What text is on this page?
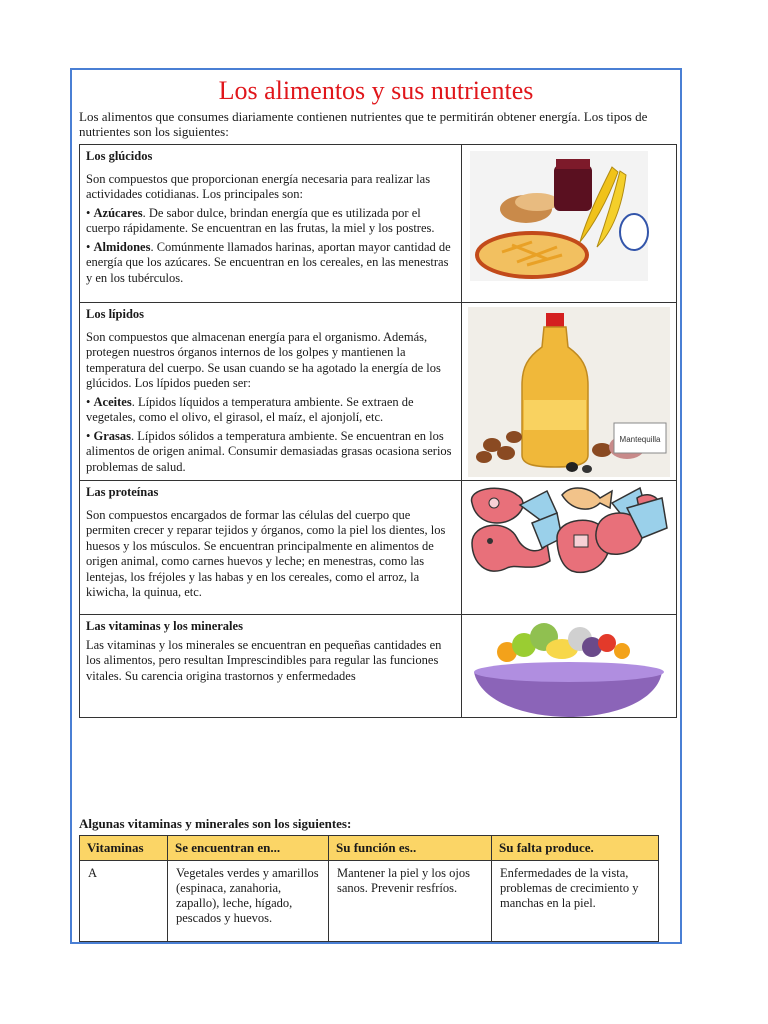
Los alimentos y sus nutrientes
Los alimentos que consumes diariamente contienen nutrientes que te permitirán obtener energía. Los tipos de nutrientes son los siguientes:
Los glúcidos
Son compuestos que proporcionan energía necesaria para realizar las actividades cotidianas. Los principales son:
• Azúcares. De sabor dulce, brindan energía que es utilizada por el cuerpo rápidamente. Se encuentran en las frutas, la miel y los postres.
• Almidones. Comúnmente llamados harinas, aportan mayor cantidad de energía que los azúcares. Se encuentran en los cereales, en las menestras y en los tubérculos.

Los lípidos
Son compuestos que almacenan energía para el organismo. Además, protegen nuestros órganos internos de los golpes y mantienen la temperatura del cuerpo. Se usan cuando se ha agotado la energía de los glúcidos. Los lípidos pueden ser:
• Aceites. Lípidos líquidos a temperatura ambiente. Se extraen de vegetales, como el olivo, el girasol, el maíz, el ajonjolí, etc.
• Grasas. Lípidos sólidos a temperatura ambiente. Se encuentran en los alimentos de origen animal. Consumir demasiadas grasas ocasiona serios problemas de salud.	Mantequilla

Las proteínas
Son compuestos encargados de formar las células del cuerpo que permiten crecer y reparar tejidos y órganos, como la piel los dientes, los huesos y los músculos. Se encuentran principalmente en alimentos de origen animal, como carnes huevos y leche; en menestras, como las lentejas, los fréjoles y las habas y en los cereales, como el arroz, la kiwicha, la quinua, etc.

Las vitaminas y los minerales
Las vitaminas y los minerales se encuentran en pequeñas cantidades en los alimentos, pero resultan Imprescindibles para regular las funciones vitales. Su carencia origina trastornos y enfermedades

Algunas vitaminas y minerales son los siguientes:
Vitaminas	Se encuentran en...	Su función es..	Su falta produce.
A	Vegetales verdes y amarillos (espinaca, zanahoria, zapallo), leche, hígado, pescados y huevos.	Mantener la piel y los ojos sanos. Prevenir resfríos.	Enfermedades de la vista, problemas de crecimiento y manchas en la piel.
